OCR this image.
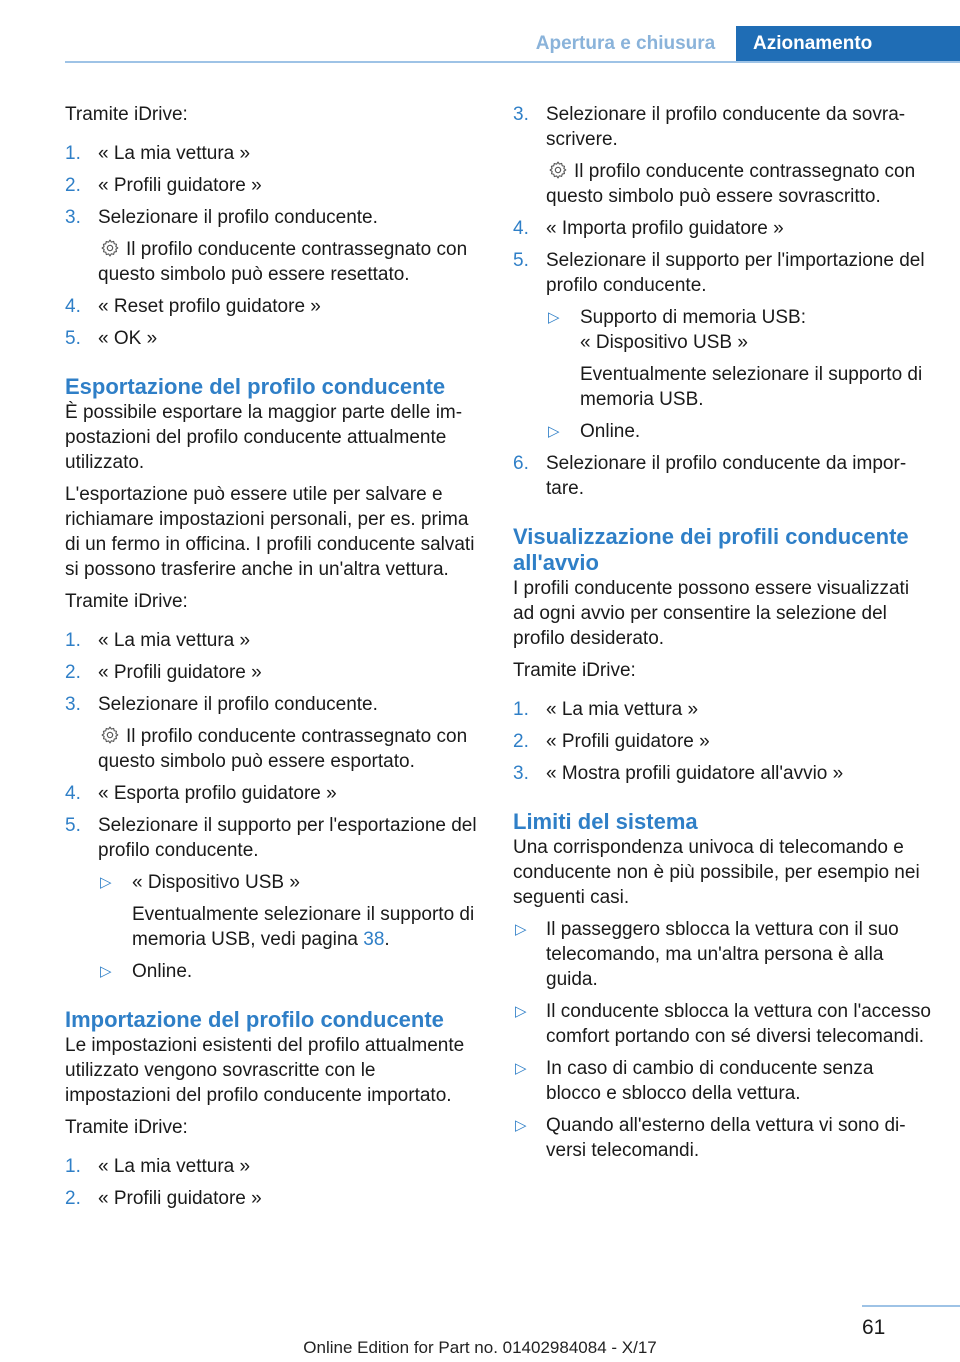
Apertura e chiusura	Azionamento

Tramite iDrive:

1. « La mia vettura »
2. « Profili guidatore »
3. Selezionare il profilo conducente.
Il profilo conducente contrassegnato con questo simbolo può essere resettato.
4. « Reset profilo guidatore »
5. « OK »
Esportazione del profilo conducente

È possibile esportare la maggior parte delle impostazioni del profilo conducente attualmente utilizzato.

L'esportazione può essere utile per salvare e richiamare impostazioni personali, per es. prima di un fermo in officina. I profili conducente salvati si possono trasferire anche in un'altra vettura.

Tramite iDrive:

1. « La mia vettura »
2. « Profili guidatore »
3. Selezionare il profilo conducente.
Il profilo conducente contrassegnato con questo simbolo può essere esportato.
4. « Esporta profilo guidatore »
5. Selezionare il supporto per l'esportazione del profilo conducente.
▷ « Dispositivo USB »
Eventualmente selezionare il supporto di memoria USB, vedi pagina 38.
▷ Online.
Importazione del profilo conducente

Le impostazioni esistenti del profilo attualmente utilizzato vengono sovrascritte con le impostazioni del profilo conducente importato.

Tramite iDrive:

1. « La mia vettura »
2. « Profili guidatore »
3. Selezionare il profilo conducente da sovrascrivere.
Il profilo conducente contrassegnato con questo simbolo può essere sovrascritto.
4. « Importa profilo guidatore »
5. Selezionare il supporto per l'importazione del profilo conducente.
▷ Supporto di memoria USB:
« Dispositivo USB »
Eventualmente selezionare il supporto di memoria USB.
▷ Online.
6. Selezionare il profilo conducente da importare.
Visualizzazione dei profili conducente all'avvio

I profili conducente possono essere visualizzati ad ogni avvio per consentire la selezione del profilo desiderato.

Tramite iDrive:

1. « La mia vettura »
2. « Profili guidatore »
3. « Mostra profili guidatore all'avvio »
Limiti del sistema

Una corrispondenza univoca di telecomando e conducente non è più possibile, per esempio nei seguenti casi.

▷ Il passeggero sblocca la vettura con il suo telecomando, ma un'altra persona è alla guida.
▷ Il conducente sblocca la vettura con l'accesso comfort portando con sé diversi telecomandi.
▷ In caso di cambio di conducente senza blocco e sblocco della vettura.
▷ Quando all'esterno della vettura vi sono diversi telecomandi.
61
Online Edition for Part no. 01402984084 - X/17
